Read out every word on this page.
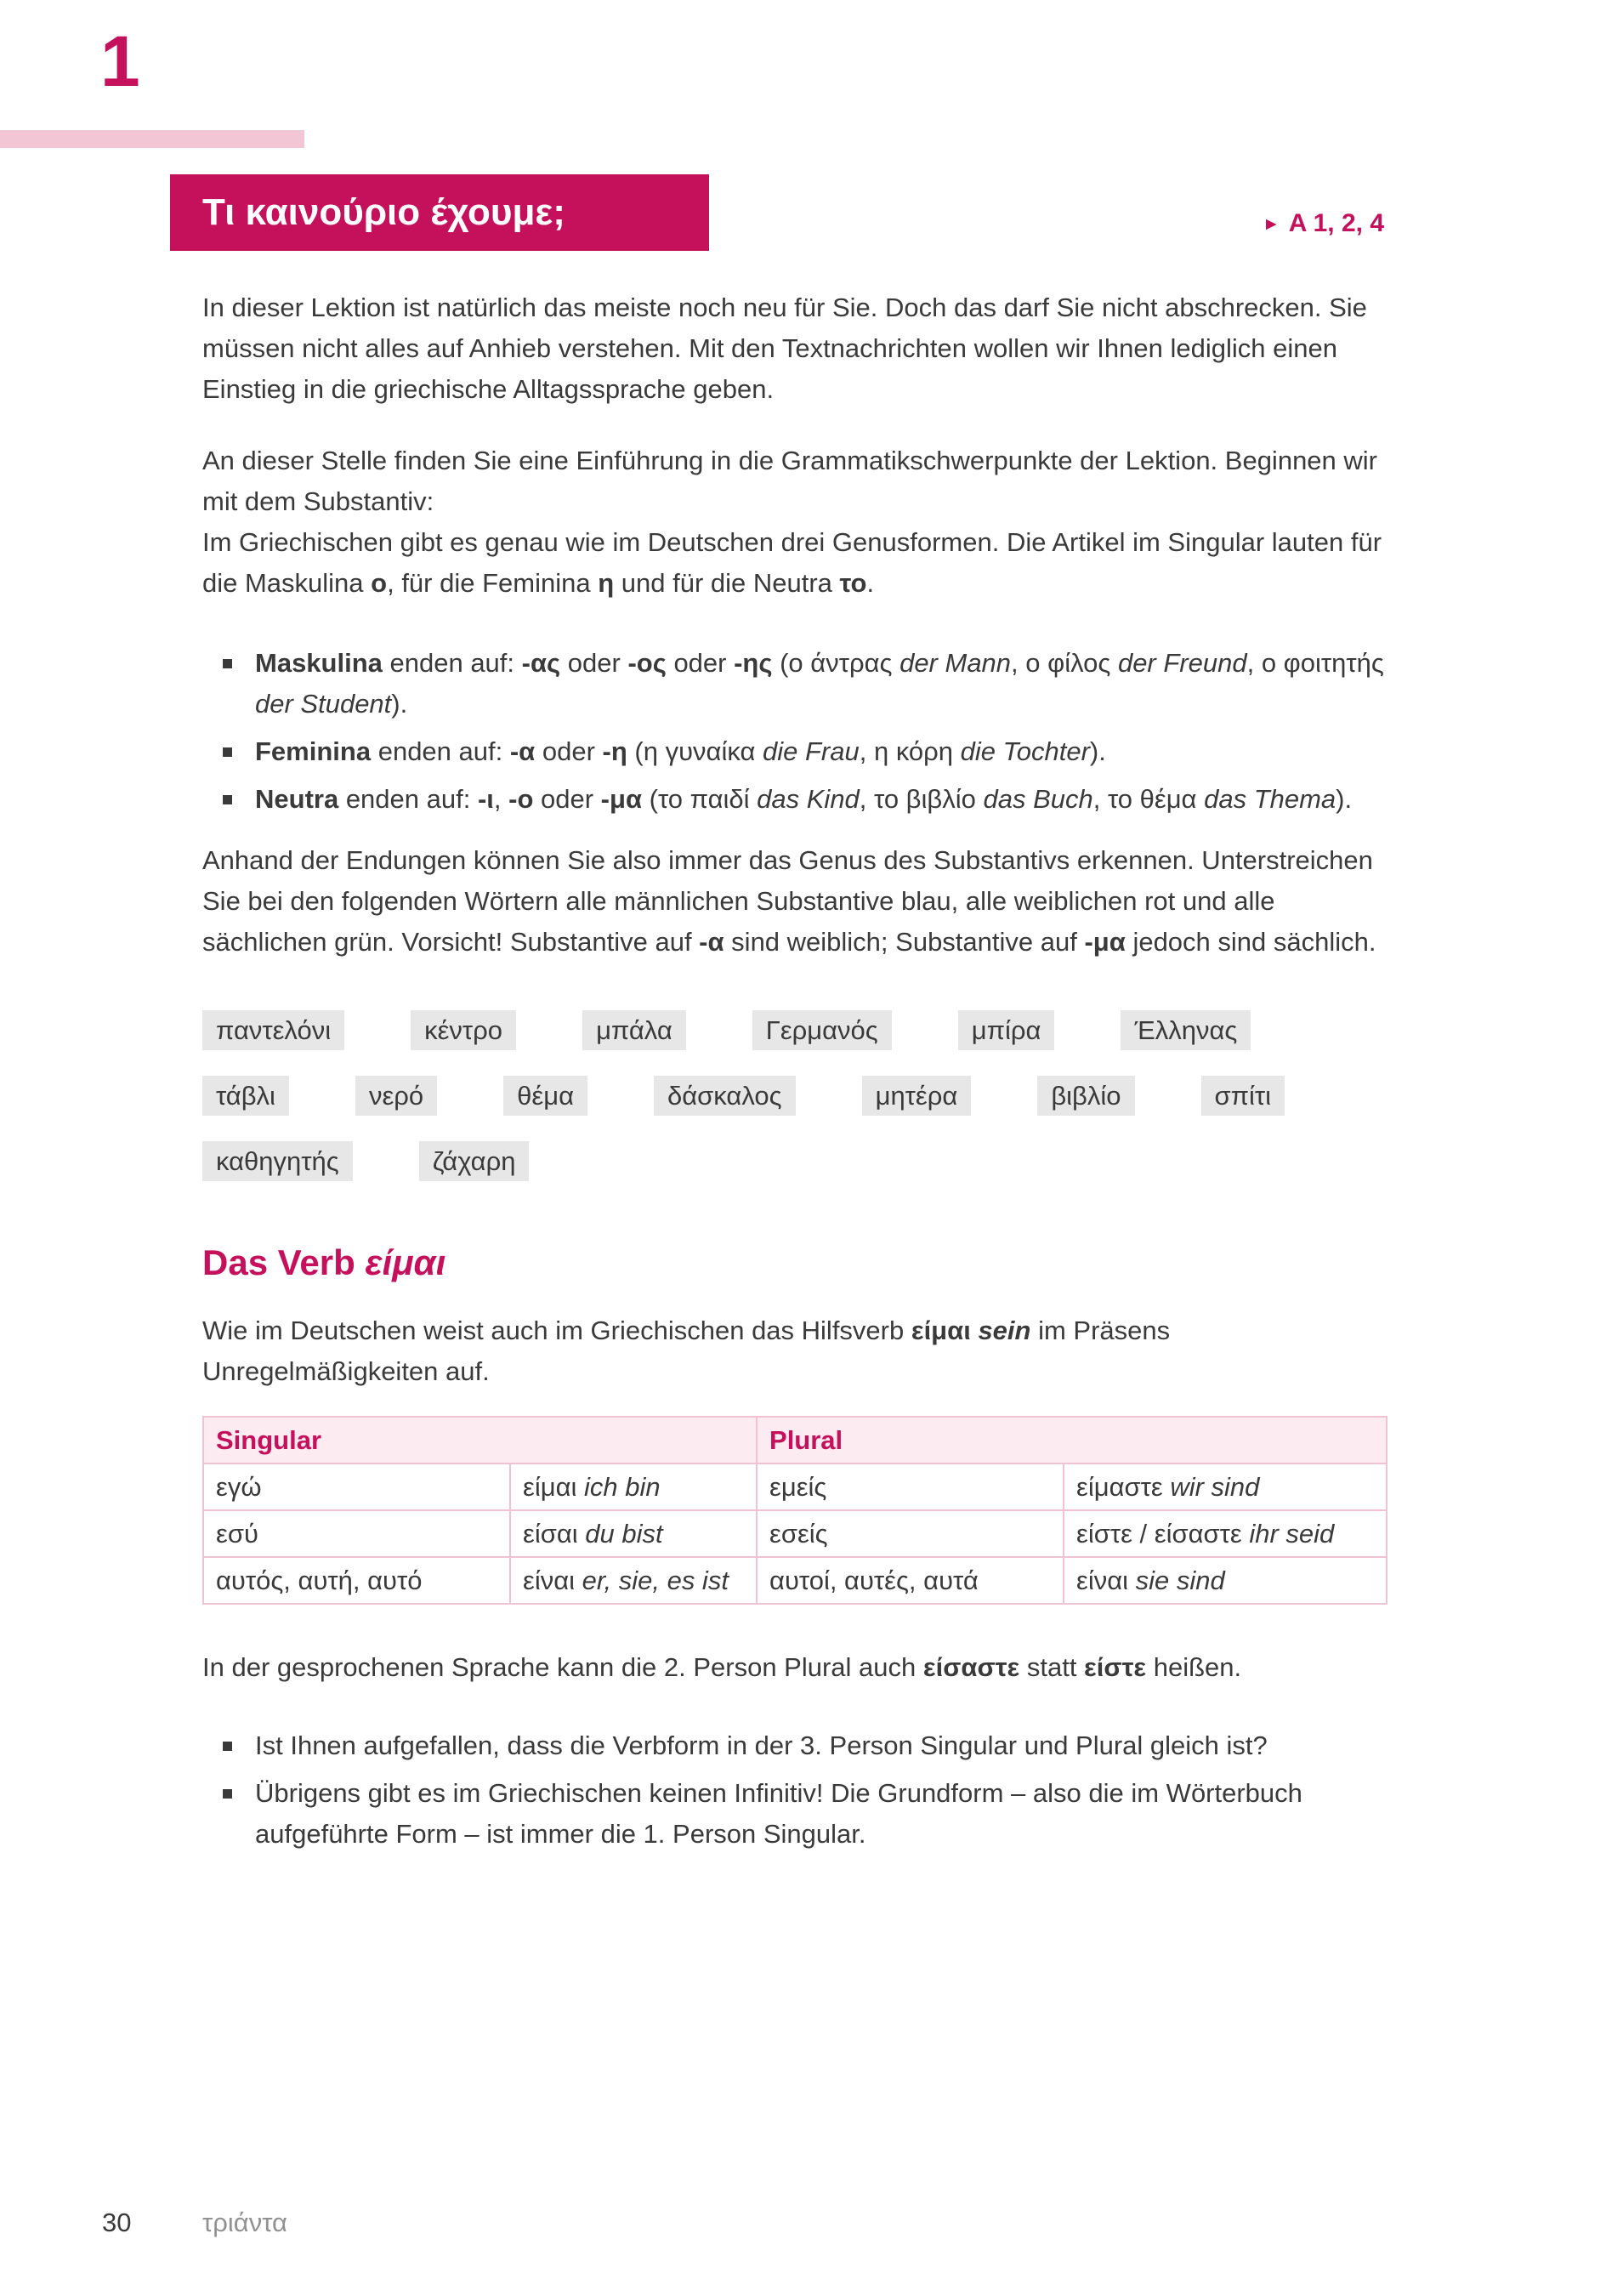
1
Τι καινούριο έχουμε;	► A 1, 2, 4
In dieser Lektion ist natürlich das meiste noch neu für Sie. Doch das darf Sie nicht abschrecken. Sie müssen nicht alles auf Anhieb verstehen. Mit den Textnachrichten wollen wir Ihnen lediglich einen Einstieg in die griechische Alltagssprache geben.
An dieser Stelle finden Sie eine Einführung in die Grammatikschwerpunkte der Lektion. Beginnen wir mit dem Substantiv:
Im Griechischen gibt es genau wie im Deutschen drei Genusformen. Die Artikel im Singular lauten für die Maskulina ο, für die Feminina η und für die Neutra το.
Maskulina enden auf: -ας oder -ος oder -ης (ο άντρας der Mann, ο φίλος der Freund, ο φοιτητής der Student).
Feminina enden auf: -α oder -η (η γυναίκα die Frau, η κόρη die Tochter).
Neutra enden auf: -ι, -ο oder -μα (το παιδί das Kind, το βιβλίο das Buch, το θέμα das Thema).
Anhand der Endungen können Sie also immer das Genus des Substantivs erkennen. Unterstreichen Sie bei den folgenden Wörtern alle männlichen Substantive blau, alle weiblichen rot und alle sächlichen grün. Vorsicht! Substantive auf -α sind weiblich; Substantive auf -μα jedoch sind sächlich.
παντελόνι	κέντρο	μπάλα	Γερμανός	μπίρα	Έλληνας
τάβλι	νερό	θέμα	δάσκαλος	μητέρα	βιβλίο	σπίτι
καθηγητής	ζάχαρη
Das Verb είμαι
Wie im Deutschen weist auch im Griechischen das Hilfsverb είμαι sein im Präsens Unregelmäßigkeiten auf.
Singular		Plural	
εγώ	είμαι ich bin	εμείς	είμαστε wir sind
εσύ	είσαι du bist	εσείς	είστε / είσαστε ihr seid
αυτός, αυτή, αυτό	είναι er, sie, es ist	αυτοί, αυτές, αυτά	είναι sie sind
In der gesprochenen Sprache kann die 2. Person Plural auch είσαστε statt είστε heißen.
Ist Ihnen aufgefallen, dass die Verbform in der 3. Person Singular und Plural gleich ist?
Übrigens gibt es im Griechischen keinen Infinitiv! Die Grundform – also die im Wörterbuch aufgeführte Form – ist immer die 1. Person Singular.
30	τριάντα
